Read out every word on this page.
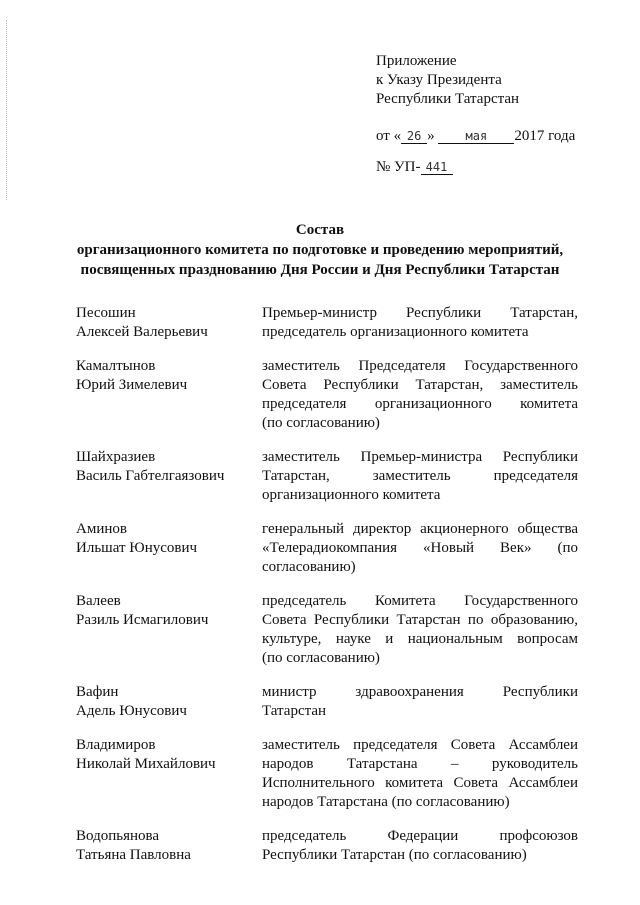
Приложение
к Указу Президента
Республики Татарстан
от « 26 »	мая 2017 года
№ УП- 441
Состав
организационного комитета по подготовке и проведению мероприятий,
посвященных празднованию Дня России и Дня Республики Татарстан
Песошин
Алексей Валерьевич
Премьер-министр Республики Татарстан,
председатель организационного комитета
Камалтынов
Юрий Зимелевич
заместитель Председателя Государственного
Совета Республики Татарстан, заместитель
председателя организационного комитета
(по согласованию)
Шайхразиев
Василь Габтелгаязович
заместитель Премьер-министра Республики
Татарстан, заместитель председателя
организационного комитета
Аминов
Ильшат Юнусович
генеральный директор акционерного общества
«Телерадиокомпания «Новый Век» (по
согласованию)
Валеев
Разиль Исмагилович
председатель Комитета Государственного
Совета Республики Татарстан по образованию,
культуре, науке и национальным вопросам
(по согласованию)
Вафин
Адель Юнусович
министр здравоохранения Республики
Татарстан
Владимиров
Николай Михайлович
заместитель председателя Совета Ассамблеи
народов Татарстана – руководитель
Исполнительного комитета Совета Ассамблеи
народов Татарстана (по согласованию)
Водопьянова
Татьяна Павловна
председатель Федерации профсоюзов
Республики Татарстан (по согласованию)
